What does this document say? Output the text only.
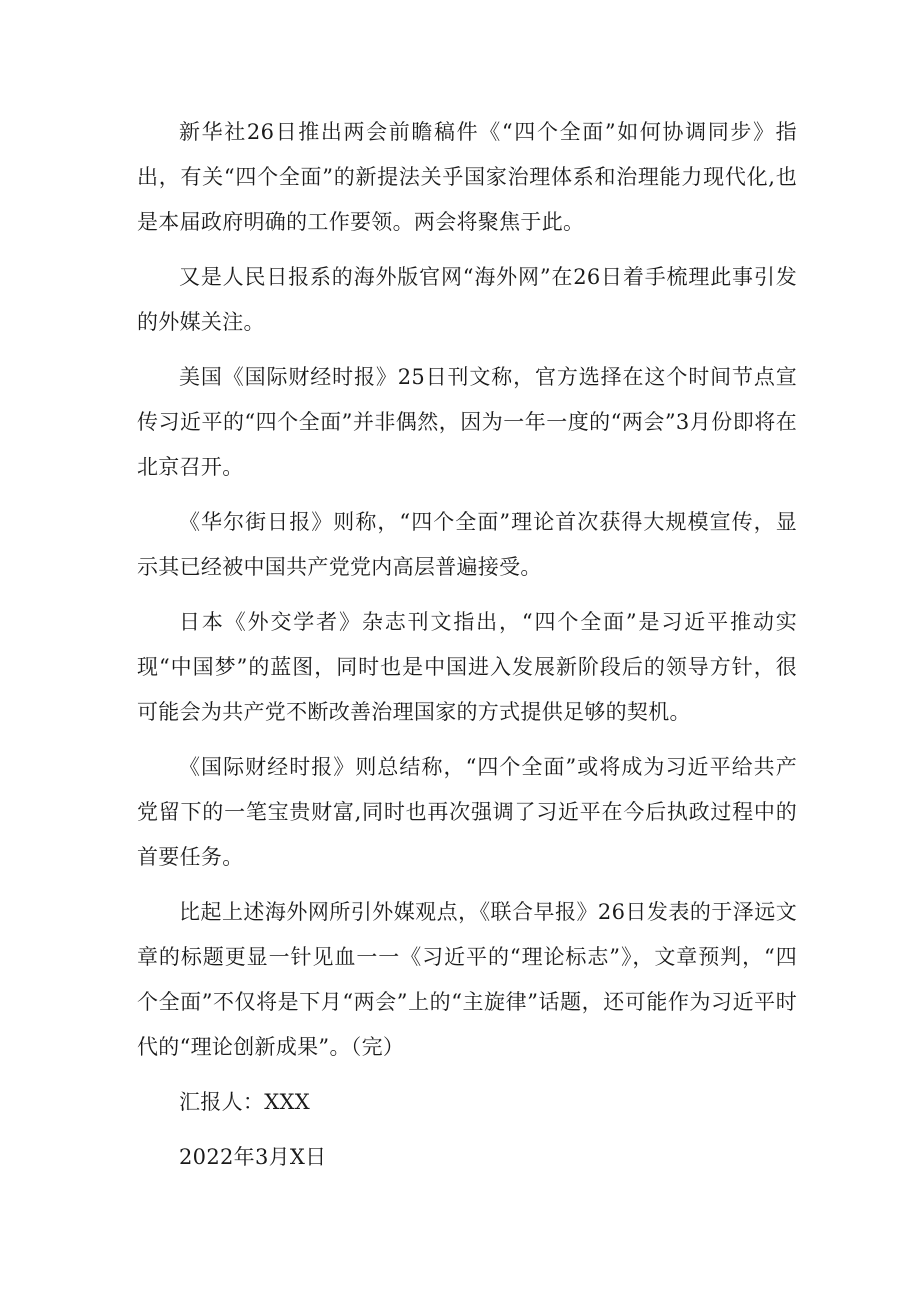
新华社26日推出两会前瞻稿件《“四个全面”如何协调同步》指出，有关“四个全面”的新提法关乎国家治理体系和治理能力现代化,也是本届政府明确的工作要领。两会将聚焦于此。

又是人民日报系的海外版官网“海外网”在26日着手梳理此事引发的外媒关注。

美国《国际财经时报》25日刊文称，官方选择在这个时间节点宣传习近平的“四个全面”并非偶然，因为一年一度的“两会”3月份即将在北京召开。

《华尔街日报》则称，“四个全面”理论首次获得大规模宣传，显示其已经被中国共产党党内高层普遍接受。

日本《外交学者》杂志刊文指出，“四个全面”是习近平推动实现“中国梦”的蓝图，同时也是中国进入发展新阶段后的领导方针，很可能会为共产党不断改善治理国家的方式提供足够的契机。

《国际财经时报》则总结称，“四个全面”或将成为习近平给共产党留下的一笔宝贵财富,同时也再次强调了习近平在今后执政过程中的首要任务。

比起上述海外网所引外媒观点，《联合早报》26日发表的于泽远文章的标题更显一针见血一一《习近平的“理论标志”》，文章预判，“四个全面”不仅将是下月“两会”上的“主旋律”话题，还可能作为习近平时代的“理论创新成果”。（完）

汇报人：XXX

2022年3月X日
